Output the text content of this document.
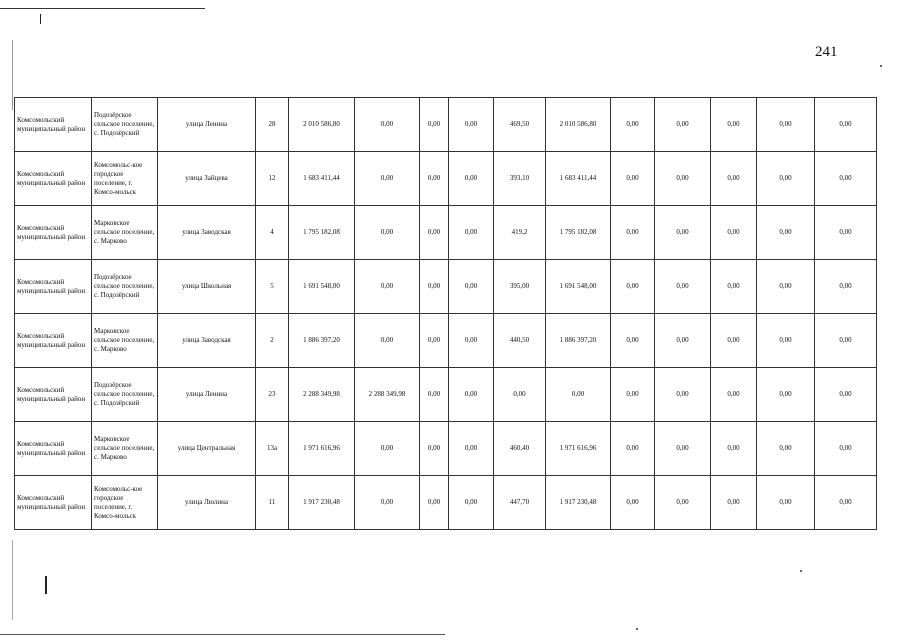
241
Комсомольский муниципальный район	Подозёрское сельское поселение, с. Подозёрский	улица Ленина	28	2 010 586,80	0,00	0,00	0,00	469,50	2 010 586,80	0,00	0,00	0,00	0,00	0,00
Комсомольский муниципальный район	Комсомольс-кое городское поселение, г. Комсо-мольск	улица Зайцева	12	1 683 411,44	0,00	0,00	0,00	393,10	1 683 411,44	0,00	0,00	0,00	0,00	0,00
Комсомольский муниципальный район	Марковское сельское поселение, с. Марково	улица Заводская	4	1 795 182,08	0,00	0,00	0,00	419,2	1 795 182,08	0,00	0,00	0,00	0,00	0,00
Комсомольский муниципальный район	Подозёрское сельское поселение, с. Подозёрский	улица Школьная	5	1 691 548,00	0,00	0,00	0,00	395,00	1 691 548,00	0,00	0,00	0,00	0,00	0,00
Комсомольский муниципальный район	Марковское сельское поселение, с. Марково	улица Заводская	2	1 886 397,20	0,00	0,00	0,00	440,50	1 886 397,20	0,00	0,00	0,00	0,00	0,00
Комсомольский муниципальный район	Подозёрское сельское поселение, с. Подозёрский	улица Ленина	23	2 288 349,98	2 288 349,98	0,00	0,00	0,00	0,00	0,00	0,00	0,00	0,00	0,00
Комсомольский муниципальный район	Марковское сельское поселение, с. Марково	улица Центральная	13а	1 971 616,96	0,00	0,00	0,00	460,40	1 971 616,96	0,00	0,00	0,00	0,00	0,00
Комсомольский муниципальный район	Комсомольс-кое городское поселение, г. Комсо-мольск	улица Люлина	11	1 917 230,48	0,00	0,00	0,00	447,70	1 917 230,48	0,00	0,00	0,00	0,00	0,00
